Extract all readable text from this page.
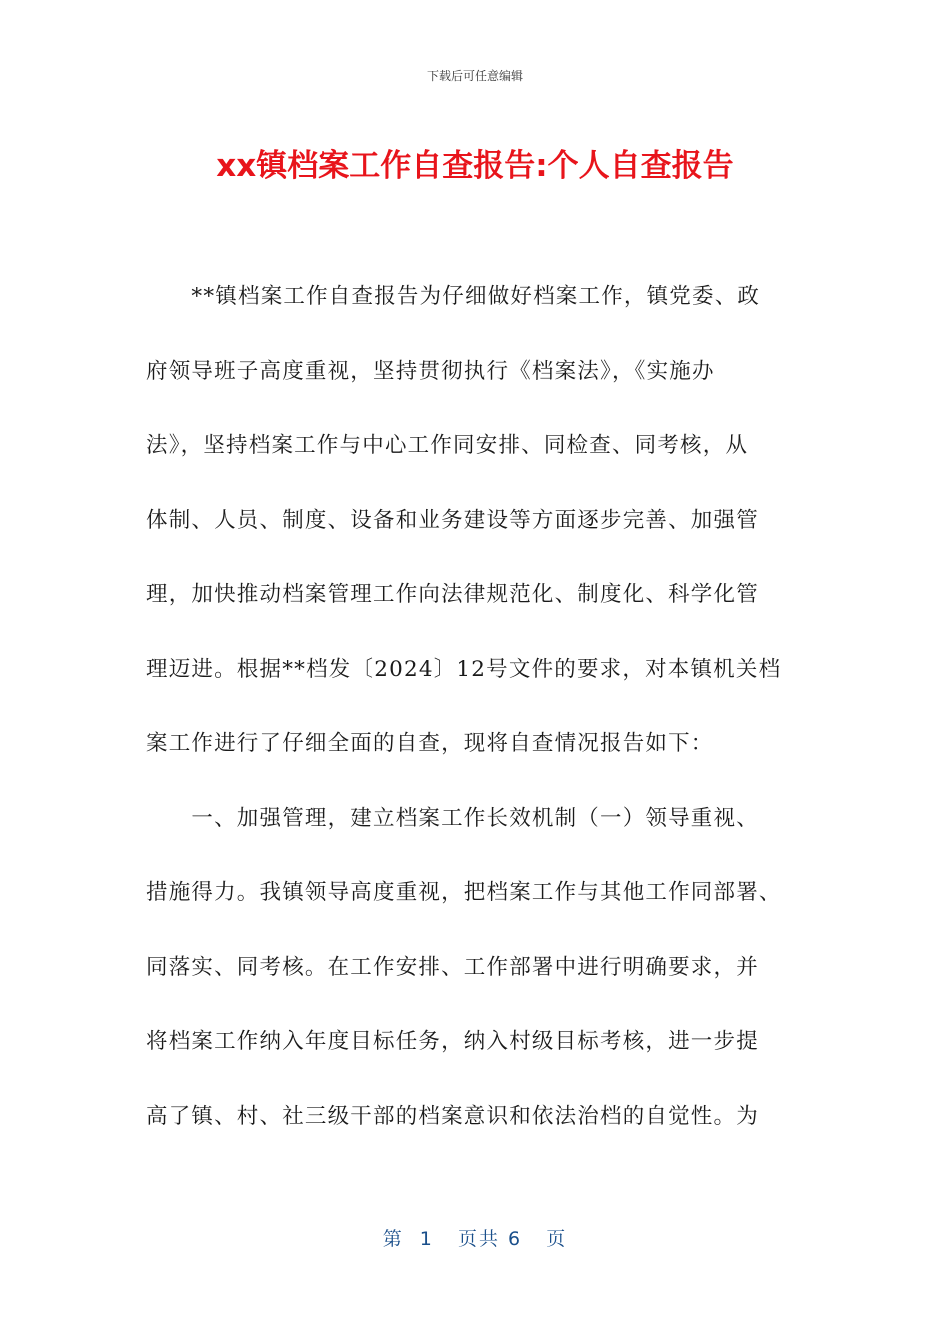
下载后可任意编辑
xx镇档案工作自查报告:个人自查报告
　　**镇档案工作自查报告为仔细做好档案工作，镇党委、政
府领导班子高度重视，坚持贯彻执行《档案法》，《实施办
法》，坚持档案工作与中心工作同安排、同检查、同考核，从
体制、人员、制度、设备和业务建设等方面逐步完善、加强管
理，加快推动档案管理工作向法律规范化、制度化、科学化管
理迈进。根据**档发〔2024〕12号文件的要求，对本镇机关档
案工作进行了仔细全面的自查，现将自查情况报告如下：
　　一、加强管理，建立档案工作长效机制（一）领导重视、
措施得力。我镇领导高度重视，把档案工作与其他工作同部署、
同落实、同考核。在工作安排、工作部署中进行明确要求，并
将档案工作纳入年度目标任务，纳入村级目标考核，进一步提
高了镇、村、社三级干部的档案意识和依法治档的自觉性。为
第  1   页共 6   页
